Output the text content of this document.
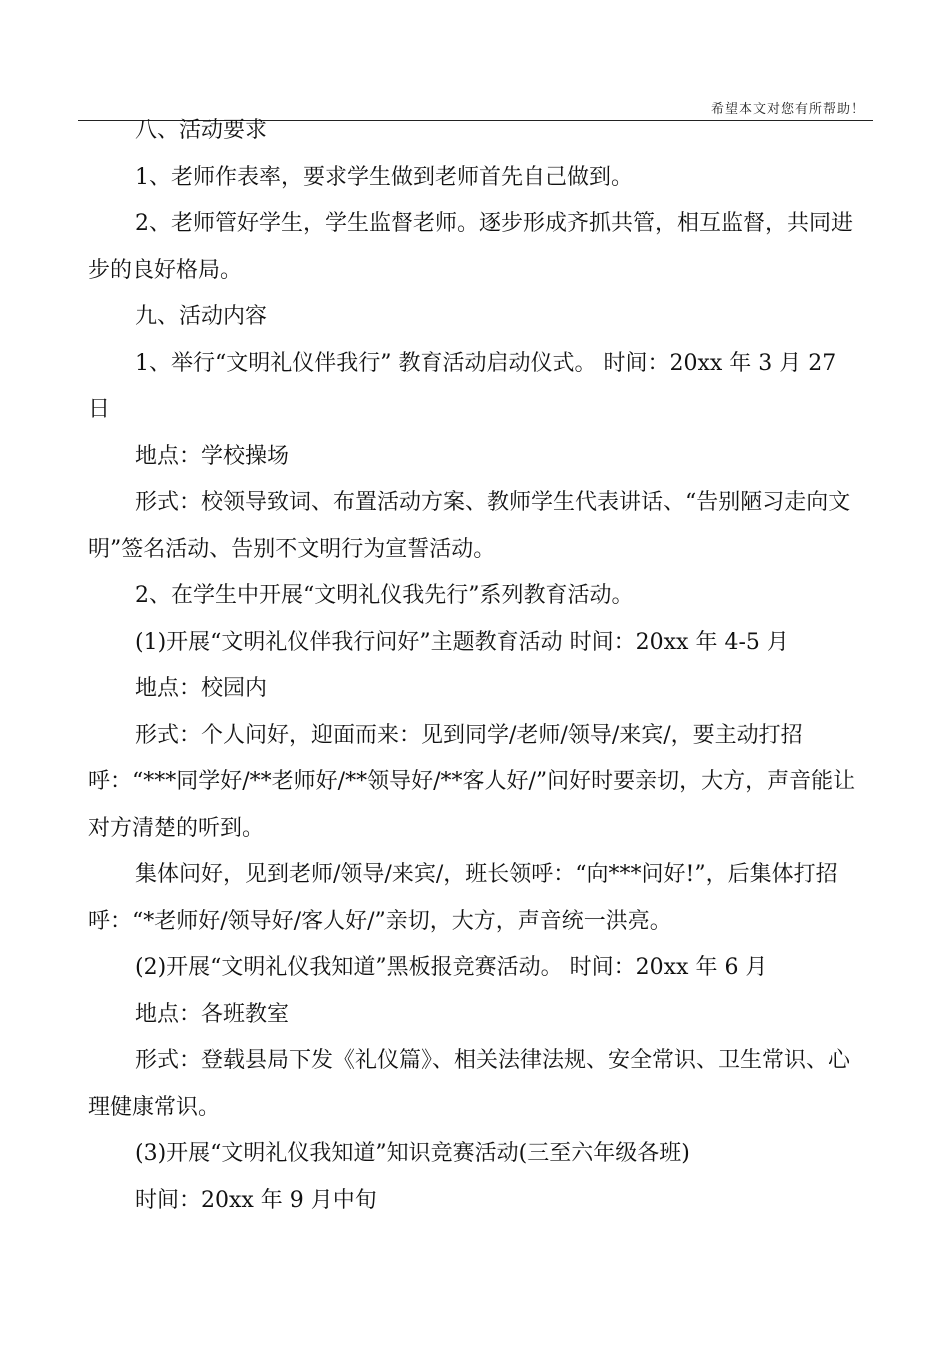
希望本文对您有所帮助！

八、活动要求

1、老师作表率，要求学生做到老师首先自己做到。

2、老师管好学生，学生监督老师。逐步形成齐抓共管，相互监督，共同进步的良好格局。

九、活动内容

1、举行“文明礼仪伴我行” 教育活动启动仪式。 时间：20xx 年 3 月 27 日

地点：学校操场

形式：校领导致词、布置活动方案、教师学生代表讲话、“告别陋习走向文明”签名活动、告别不文明行为宣誓活动。

2、在学生中开展“文明礼仪我先行”系列教育活动。

(1)开展“文明礼仪伴我行问好”主题教育活动 时间：20xx 年 4-5 月

地点：校园内

形式：个人问好，迎面而来：见到同学/老师/领导/来宾/，要主动打招呼：“***同学好/**老师好/**领导好/**客人好/”问好时要亲切，大方，声音能让对方清楚的听到。

集体问好，见到老师/领导/来宾/，班长领呼：“向***问好!”，后集体打招呼：“*老师好/领导好/客人好/”亲切，大方，声音统一洪亮。

(2)开展“文明礼仪我知道”黑板报竞赛活动。 时间：20xx 年 6 月

地点：各班教室

形式：登载县局下发《礼仪篇》、相关法律法规、安全常识、卫生常识、心理健康常识。

(3)开展“文明礼仪我知道”知识竞赛活动(三至六年级各班)

时间：20xx 年 9 月中旬
